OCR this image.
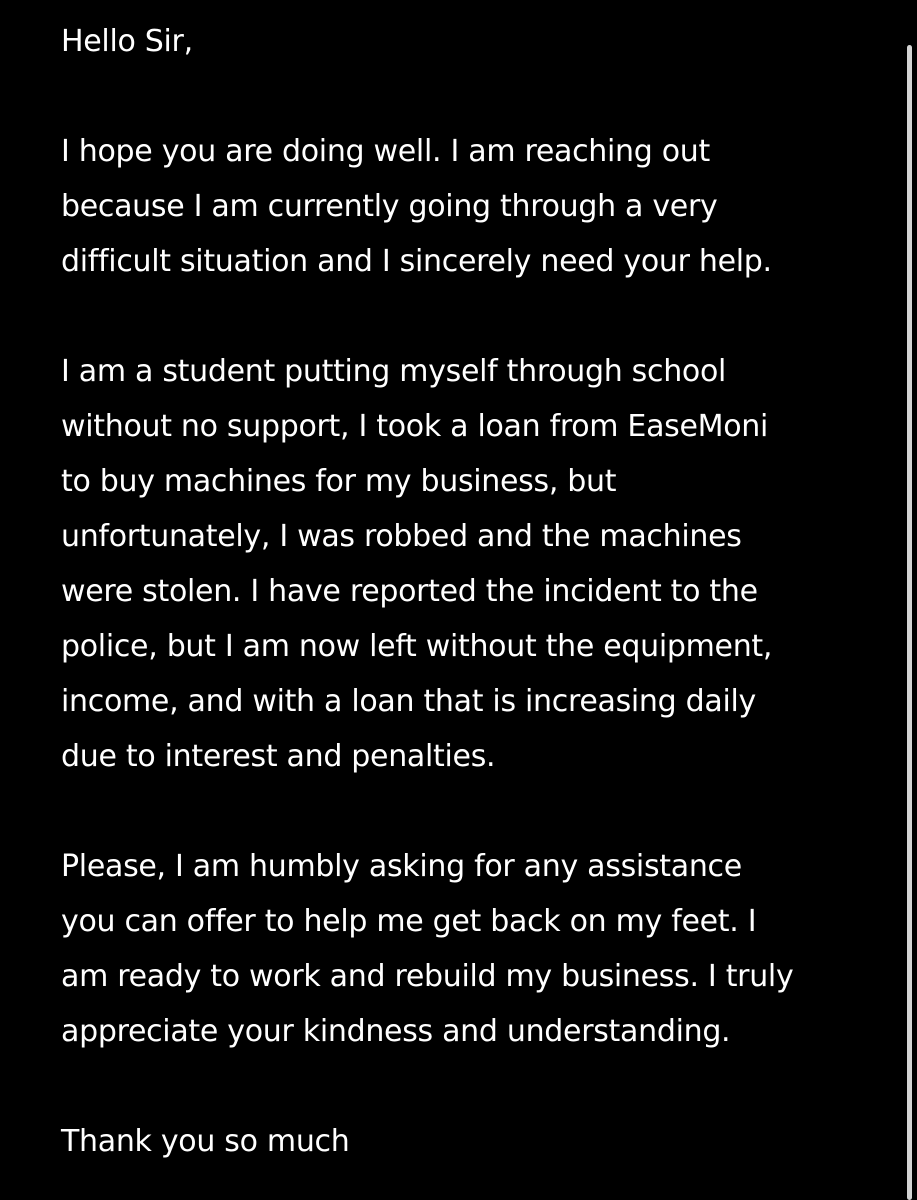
Hello Sir,
I hope you are doing well. I am reaching out
because I am currently going through a very
difficult situation and I sincerely need your help.
I am a student putting myself through school
without no support, I took a loan from EaseMoni
to buy machines for my business, but
unfortunately, I was robbed and the machines
were stolen. I have reported the incident to the
police, but I am now left without the equipment,
income, and with a loan that is increasing daily
due to interest and penalties.
Please, I am humbly asking for any assistance
you can offer to help me get back on my feet. I
am ready to work and rebuild my business. I truly
appreciate your kindness and understanding.
Thank you so much
